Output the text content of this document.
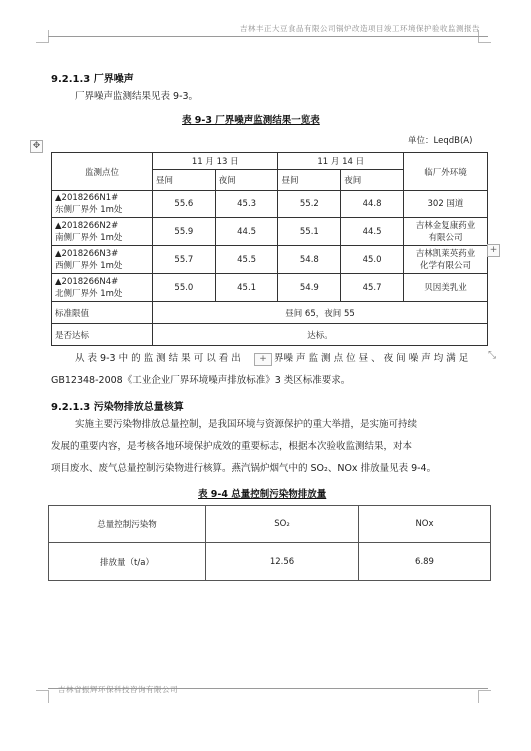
吉林丰正大豆食品有限公司锅炉改造项目竣工环境保护验收监测报告
9.2.1.3 厂界噪声
厂界噪声监测结果见表 9-3。
表 9-3 厂界噪声监测结果一览表
单位：LeqdB(A)
✥
监测点位	11 月 13 日		11 月 14 日		临厂外环境
	昼间	夜间	昼间	夜间	
▲2018266N1#
东侧厂界外 1m处	55.6	45.3	55.2	44.8	302 国道
▲2018266N2#
南侧厂界外 1m处	55.9	44.5	55.1	44.5	吉林金复康药业
有限公司
▲2018266N3#
西侧厂界外 1m处	55.7	45.5	54.8	45.0	吉林凯莱英药业
化学有限公司
▲2018266N4#
北侧厂界外 1m处	55.0	45.1	54.9	45.7	贝因美乳业
标准限值	昼间 65，夜间 55				
是否达标	达标。				
+
从 表 9-3 中 的 监 测 结 果 可 以 看 出	+ 界噪 声 监 测 点 位 昼 、 夜 间 噪 声 均 满 足 ⤡
GB12348-2008《工业企业厂界环境噪声排放标准》3 类区标准要求。
9.2.1.3 污染物排放总量核算
实施主要污染物排放总量控制，是我国环境与资源保护的重大举措，是实施可持续
发展的重要内容，是考核各地环境保护成效的重要标志，根据本次验收监测结果，对本
项目废水、废气总量控制污染物进行核算。燕汽锅炉烟气中的 SO₂、NOx 排放量见表 9-4。
表 9-4 总量控制污染物排放量
总量控制污染物	SO₂	NOx
排放量（t/a）	12.56	6.89
吉林省振辉环保科技咨询有限公司
